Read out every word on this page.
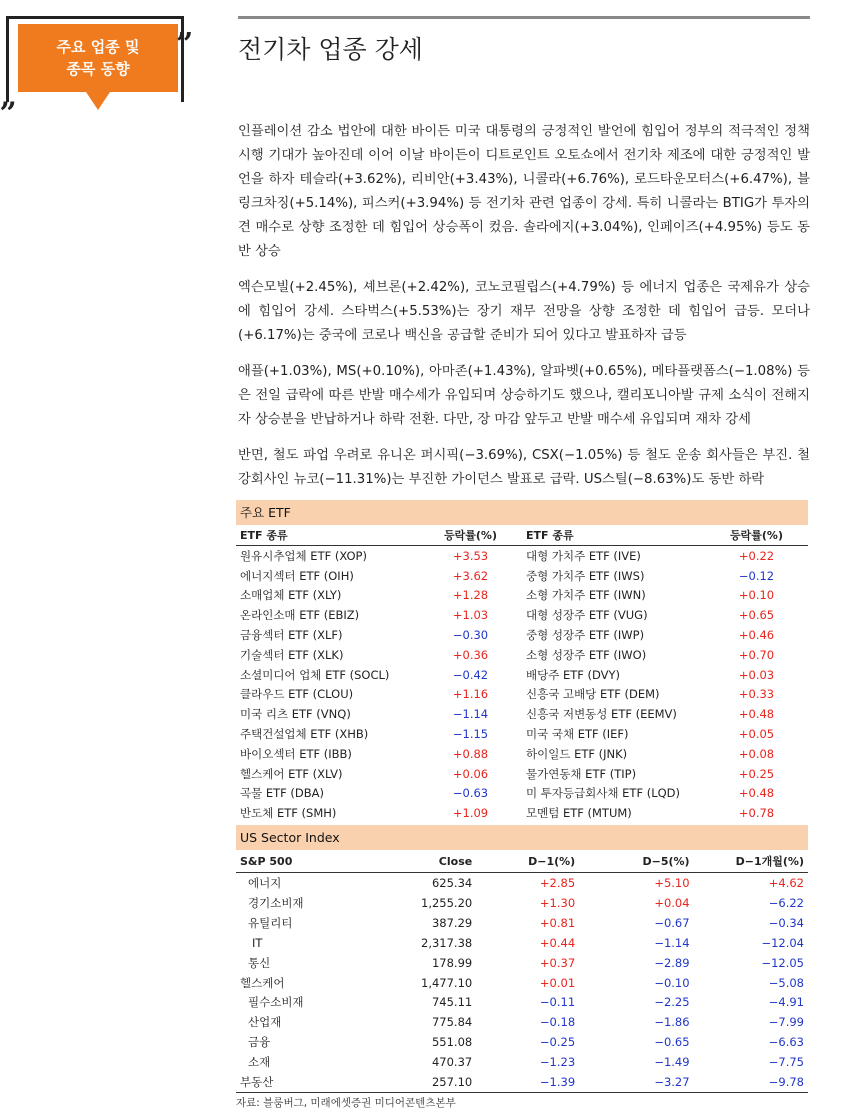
주요 업종 및
종목 동향
„
” 전기차 업종 강세

인플레이션 감소 법안에 대한 바이든 미국 대통령의 긍정적인 발언에 힘입어 정부의 적극적인 정책 시행 기대가 높아진데 이어 이날 바이든이 디트로인트 오토쇼에서 전기차 제조에 대한 긍정적인 발언을 하자 테슬라(+3.62%), 리비안(+3.43%), 니콜라(+6.76%), 로드타운모터스(+6.47%), 블링크차징(+5.14%), 피스커(+3.94%) 등 전기차 관련 업종이 강세. 특히 니콜라는 BTIG가 투자의견 매수로 상향 조정한 데 힘입어 상승폭이 컸음. 솔라에지(+3.04%), 인페이즈(+4.95%) 등도 동반 상승

엑슨모빌(+2.45%), 셰브론(+2.42%), 코노코필립스(+4.79%) 등 에너지 업종은 국제유가 상승에 힘입어 강세. 스타벅스(+5.53%)는 장기 재무 전망을 상향 조정한 데 힘입어 급등. 모더나(+6.17%)는 중국에 코로나 백신을 공급할 준비가 되어 있다고 발표하자 급등

애플(+1.03%), MS(+0.10%), 아마존(+1.43%), 알파벳(+0.65%), 메타플랫폼스(−1.08%) 등은 전일 급락에 따른 반발 매수세가 유입되며 상승하기도 했으나, 캘리포니아발 규제 소식이 전해지자 상승분을 반납하거나 하락 전환. 다만, 장 마감 앞두고 반발 매수세 유입되며 재차 강세

반면, 철도 파업 우려로 유니온 퍼시픽(−3.69%), CSX(−1.05%) 등 철도 운송 회사들은 부진. 철강회사인 뉴코(−11.31%)는 부진한 가이던스 발표로 급락. US스틸(−8.63%)도 동반 하락

주요 ETF
ETF 종류	등락률(%)	ETF 종류	등락률(%)
원유시추업체 ETF (XOP)	+3.53	대형 가치주 ETF (IVE)	+0.22
에너지섹터 ETF (OIH)	+3.62	중형 가치주 ETF (IWS)	−0.12
소매업체 ETF (XLY)	+1.28	소형 가치주 ETF (IWN)	+0.10
온라인소매 ETF (EBIZ)	+1.03	대형 성장주 ETF (VUG)	+0.65
금융섹터 ETF (XLF)	−0.30	중형 성장주 ETF (IWP)	+0.46
기술섹터 ETF (XLK)	+0.36	소형 성장주 ETF (IWO)	+0.70
소셜미디어 업체 ETF (SOCL)	−0.42	배당주 ETF (DVY)	+0.03
클라우드 ETF (CLOU)	+1.16	신흥국 고배당 ETF (DEM)	+0.33
미국 리츠 ETF (VNQ)	−1.14	신흥국 저변동성 ETF (EEMV)	+0.48
주택건설업체 ETF (XHB)	−1.15	미국 국채 ETF (IEF)	+0.05
바이오섹터 ETF (IBB)	+0.88	하이일드 ETF (JNK)	+0.08
헬스케어 ETF (XLV)	+0.06	물가연동채 ETF (TIP)	+0.25
곡물 ETF (DBA)	−0.63	미 투자등급회사채 ETF (LQD)	+0.48
반도체 ETF (SMH)	+1.09	모멘텀 ETF (MTUM)	+0.78
US Sector Index
S&P 500	Close	D−1(%)	D−5(%)	D−1개월(%)
에너지	625.34	+2.85	+5.10	+4.62
경기소비재	1,255.20	+1.30	+0.04	−6.22
유틸리티	387.29	+0.81	−0.67	−0.34
IT	2,317.38	+0.44	−1.14	−12.04
통신	178.99	+0.37	−2.89	−12.05
헬스케어	1,477.10	+0.01	−0.10	−5.08
필수소비재	745.11	−0.11	−2.25	−4.91
산업재	775.84	−0.18	−1.86	−7.99
금융	551.08	−0.25	−0.65	−6.63
소재	470.37	−1.23	−1.49	−7.75
부동산	257.10	−1.39	−3.27	−9.78
자료: 블룸버그, 미래에셋증권 미디어콘텐츠본부
